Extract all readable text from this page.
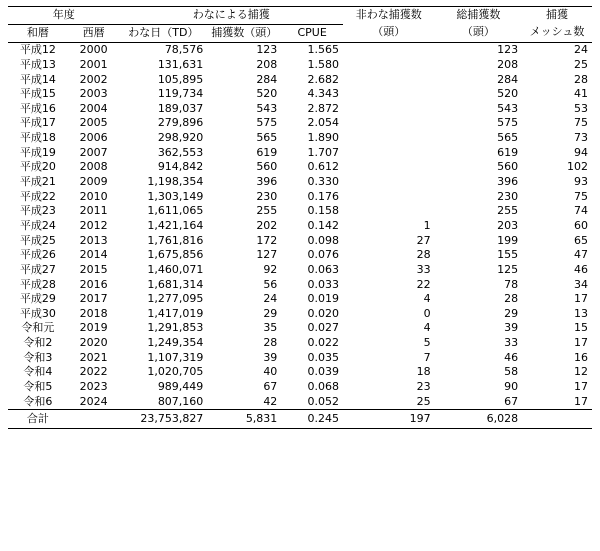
年度		わなによる捕獲			非わな捕獲数	総捕獲数	捕獲
和暦	西暦	わな日（TD）	捕獲数（頭）	CPUE	（頭）	（頭）	メッシュ数
平成12	2000	78,576	123	1.565		123	24
平成13	2001	131,631	208	1.580		208	25
平成14	2002	105,895	284	2.682		284	28
平成15	2003	119,734	520	4.343		520	41
平成16	2004	189,037	543	2.872		543	53
平成17	2005	279,896	575	2.054		575	75
平成18	2006	298,920	565	1.890		565	73
平成19	2007	362,553	619	1.707		619	94
平成20	2008	914,842	560	0.612		560	102
平成21	2009	1,198,354	396	0.330		396	93
平成22	2010	1,303,149	230	0.176		230	75
平成23	2011	1,611,065	255	0.158		255	74
平成24	2012	1,421,164	202	0.142	1	203	60
平成25	2013	1,761,816	172	0.098	27	199	65
平成26	2014	1,675,856	127	0.076	28	155	47
平成27	2015	1,460,071	92	0.063	33	125	46
平成28	2016	1,681,314	56	0.033	22	78	34
平成29	2017	1,277,095	24	0.019	4	28	17
平成30	2018	1,417,019	29	0.020	0	29	13
令和元	2019	1,291,853	35	0.027	4	39	15
令和2	2020	1,249,354	28	0.022	5	33	17
令和3	2021	1,107,319	39	0.035	7	46	16
令和4	2022	1,020,705	40	0.039	18	58	12
令和5	2023	989,449	67	0.068	23	90	17
令和6	2024	807,160	42	0.052	25	67	17
合計		23,753,827	5,831	0.245	197	6,028	
